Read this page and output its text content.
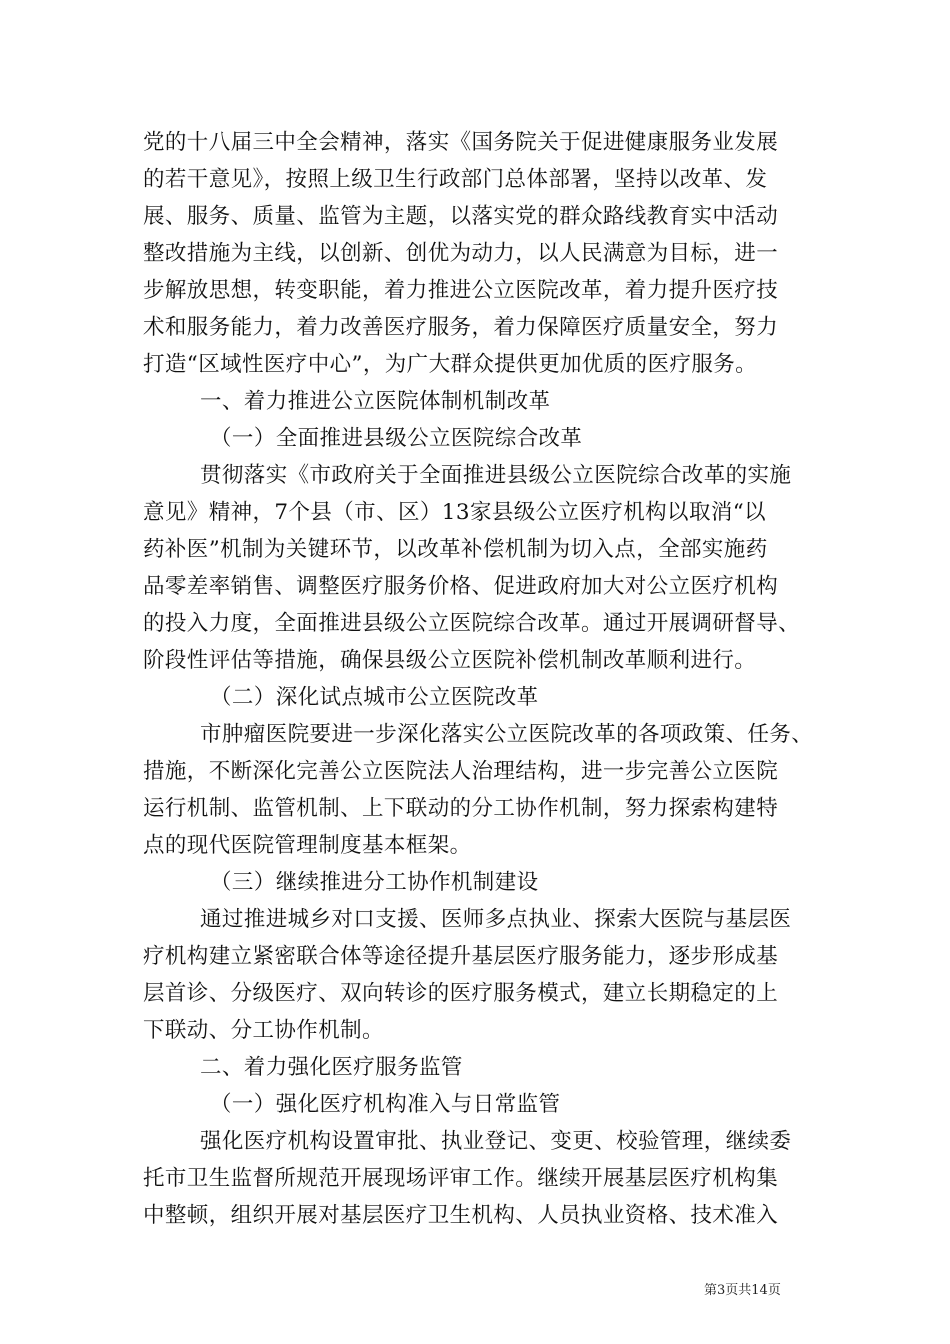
党的十八届三中全会精神，落实《国务院关于促进健康服务业发展
的若干意见》，按照上级卫生行政部门总体部署，坚持以改革、发
展、服务、质量、监管为主题，以落实党的群众路线教育实中活动
整改措施为主线，以创新、创优为动力，以人民满意为目标，进一
步解放思想，转变职能，着力推进公立医院改革，着力提升医疗技
术和服务能力，着力改善医疗服务，着力保障医疗质量安全，努力
打造“区域性医疗中心”，为广大群众提供更加优质的医疗服务。
一、着力推进公立医院体制机制改革
（一）全面推进县级公立医院综合改革
贯彻落实《市政府关于全面推进县级公立医院综合改革的实施
意见》精神，7个县（市、区）13家县级公立医疗机构以取消“以
药补医”机制为关键环节，以改革补偿机制为切入点，全部实施药
品零差率销售、调整医疗服务价格、促进政府加大对公立医疗机构
的投入力度，全面推进县级公立医院综合改革。通过开展调研督导、
阶段性评估等措施，确保县级公立医院补偿机制改革顺利进行。
（二）深化试点城市公立医院改革
市肿瘤医院要进一步深化落实公立医院改革的各项政策、任务、
措施，不断深化完善公立医院法人治理结构，进一步完善公立医院
运行机制、监管机制、上下联动的分工协作机制，努力探索构建特
点的现代医院管理制度基本框架。
（三）继续推进分工协作机制建设
通过推进城乡对口支援、医师多点执业、探索大医院与基层医
疗机构建立紧密联合体等途径提升基层医疗服务能力，逐步形成基
层首诊、分级医疗、双向转诊的医疗服务模式，建立长期稳定的上
下联动、分工协作机制。
二、着力强化医疗服务监管
（一）强化医疗机构准入与日常监管
强化医疗机构设置审批、执业登记、变更、校验管理，继续委
托市卫生监督所规范开展现场评审工作。继续开展基层医疗机构集
中整顿，组织开展对基层医疗卫生机构、人员执业资格、技术准入
第3页共14页
